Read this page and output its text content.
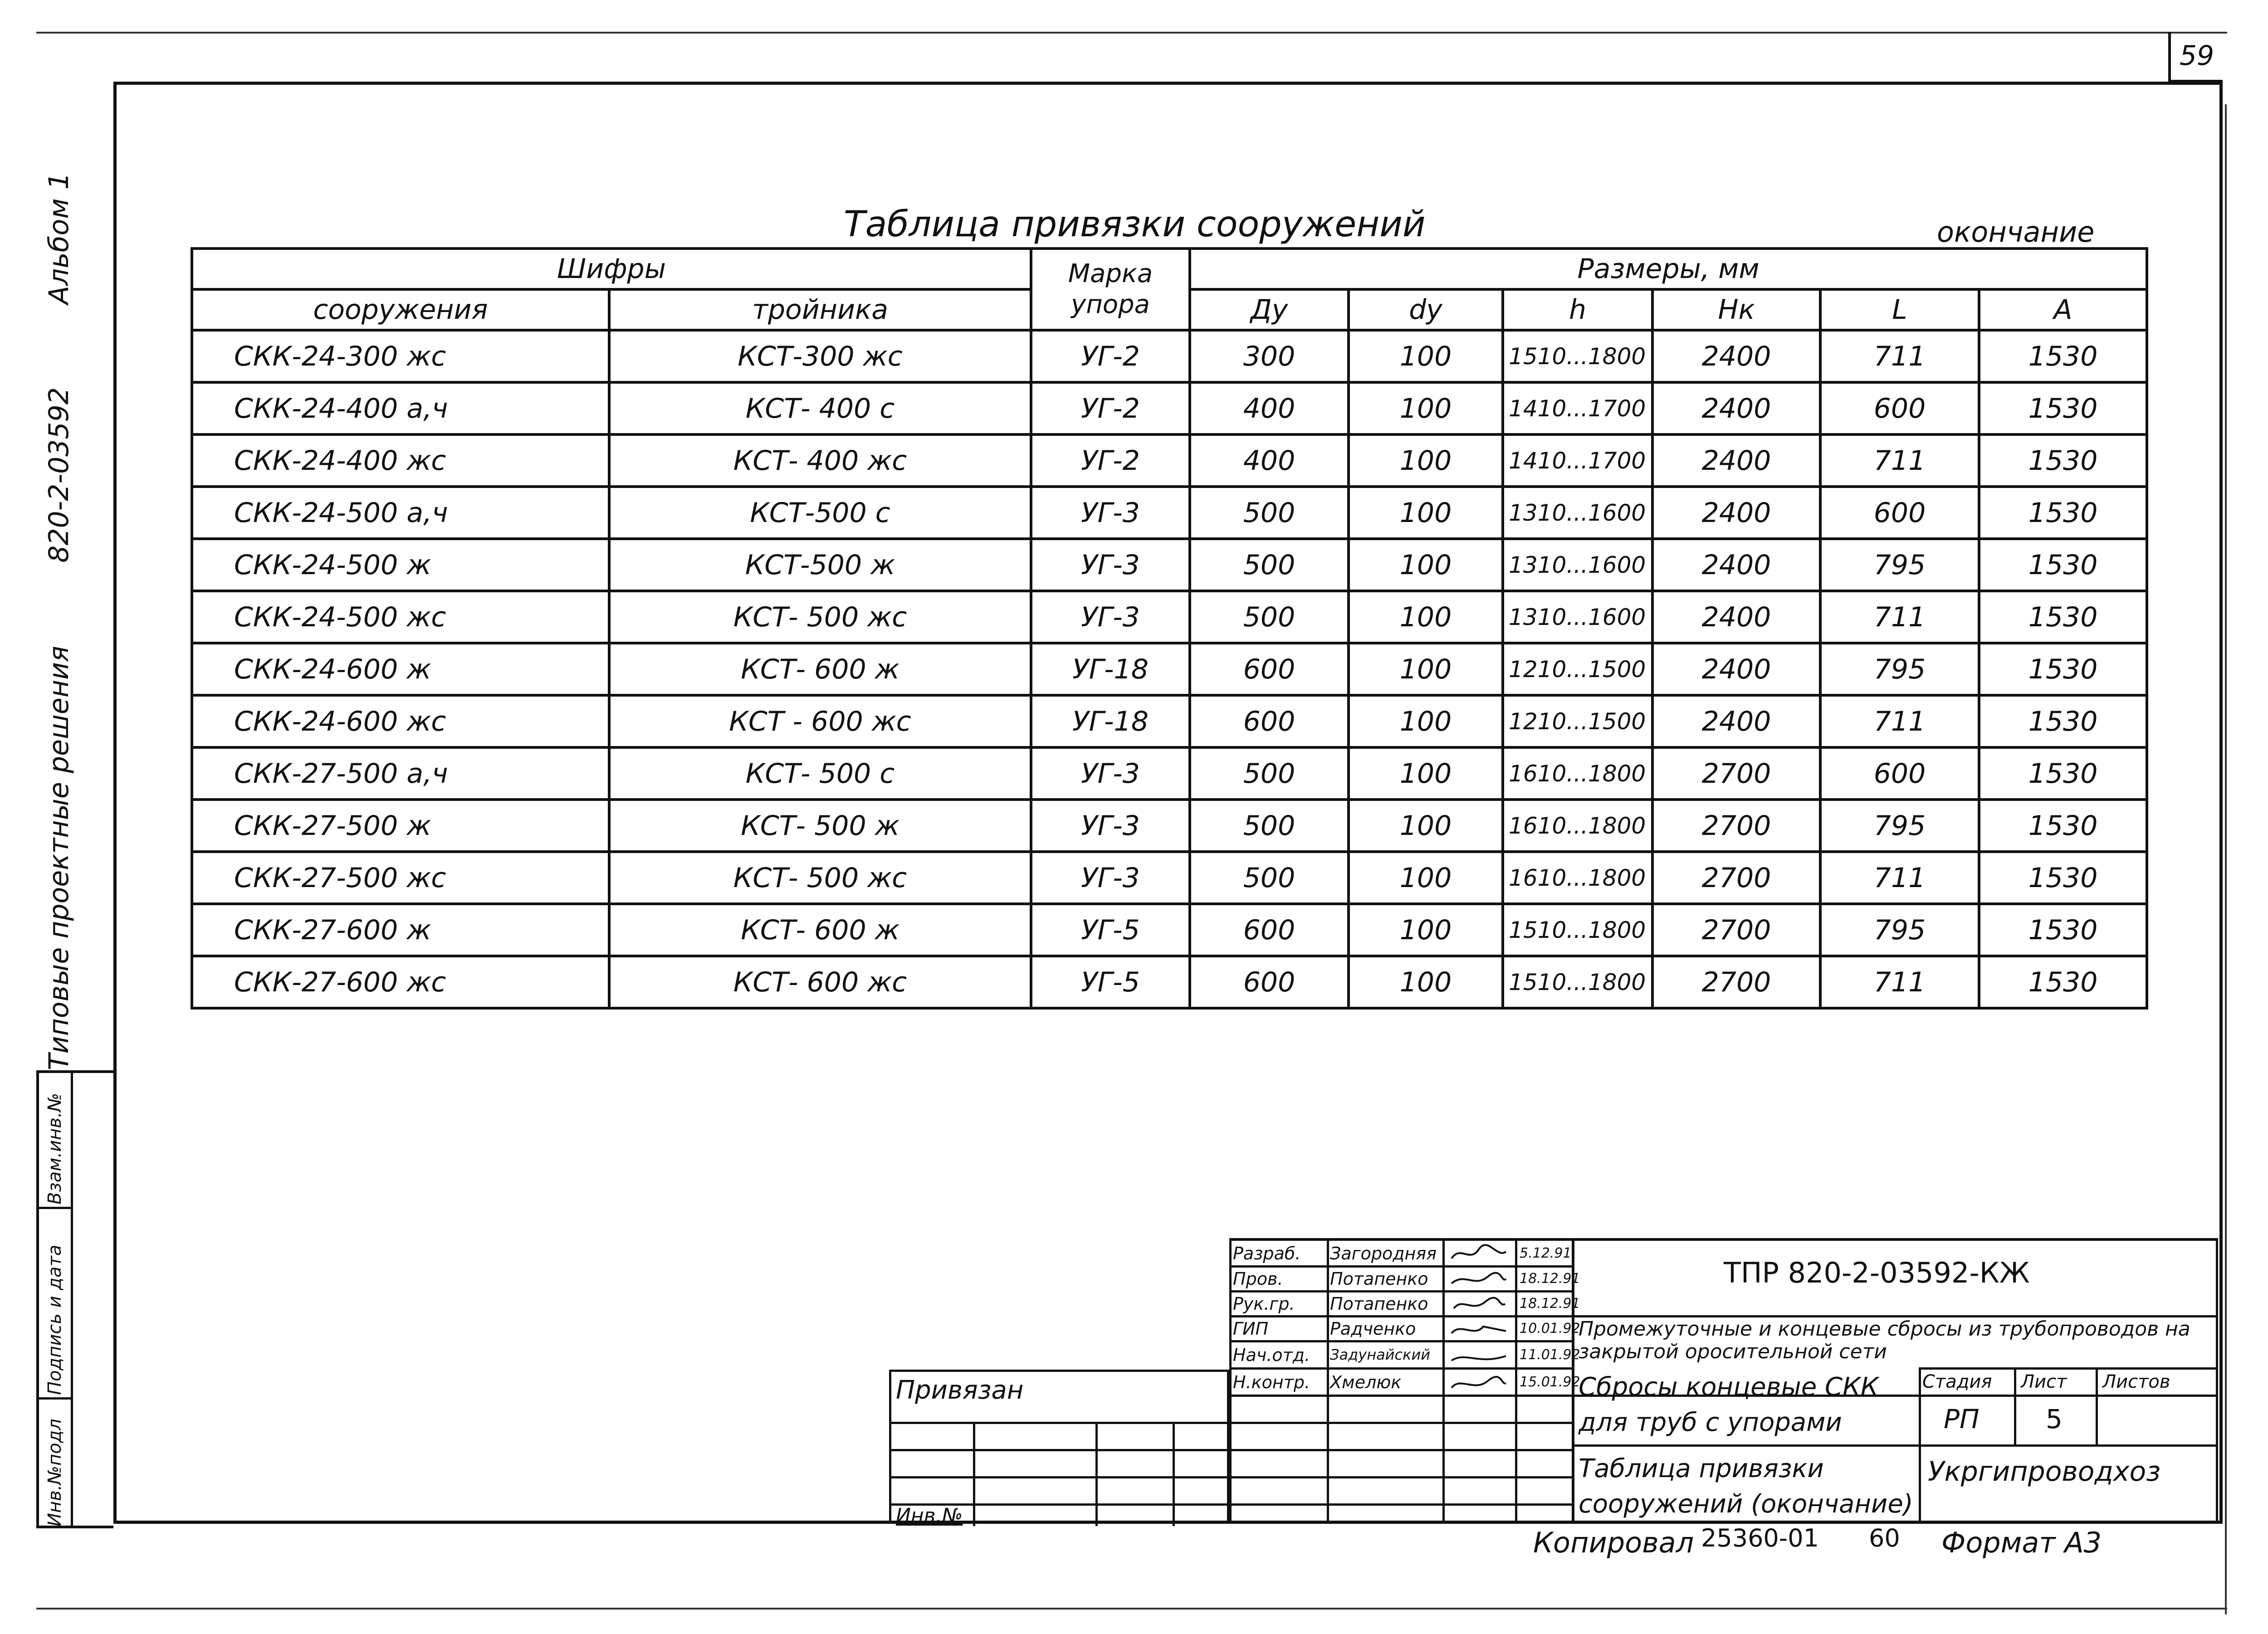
59
Типовые проектные решения
820-2-03592
Альбом 1
Взам.инв.№
Подпись и дата
Инв.№подл
Таблица привязки сооружений	окончание
Шифры		Марка упора	Размеры, мм					
сооружения	тройника		Ду	dy	h	Нк	L	А
СКК-24-300 жс	КСТ-300 жс	УГ-2	300	100	1510...1800	2400	711	1530
СКК-24-400 а,ч	КСТ- 400 с	УГ-2	400	100	1410...1700	2400	600	1530
СКК-24-400 жс	КСТ- 400 жс	УГ-2	400	100	1410...1700	2400	711	1530
СКК-24-500 а,ч	КСТ-500 с	УГ-3	500	100	1310...1600	2400	600	1530
СКК-24-500 ж	КСТ-500 ж	УГ-3	500	100	1310...1600	2400	795	1530
СКК-24-500 жс	КСТ- 500 жс	УГ-3	500	100	1310...1600	2400	711	1530
СКК-24-600 ж	КСТ- 600 ж	УГ-18	600	100	1210...1500	2400	795	1530
СКК-24-600 жс	КСТ - 600 жс	УГ-18	600	100	1210...1500	2400	711	1530
СКК-27-500 а,ч	КСТ- 500 с	УГ-3	500	100	1610...1800	2700	600	1530
СКК-27-500 ж	КСТ- 500 ж	УГ-3	500	100	1610...1800	2700	795	1530
СКК-27-500 жс	КСТ- 500 жс	УГ-3	500	100	1610...1800	2700	711	1530
СКК-27-600 ж	КСТ- 600 ж	УГ-5	600	100	1510...1800	2700	795	1530
СКК-27-600 жс	КСТ- 600 жс	УГ-5	600	100	1510...1800	2700	711	1530
Привязан
Инв.№
Разраб. Загородняя	5.12.91
Пров.	Потапенко	18.12.91
Рук.гр. Потапенко	18.12.91
ГИП	Радченко	10.01.92
Нач.отд. Задунайский	11.01.92
Н.контр. Хмелюк	15.01.92
ТПР 820-2-03592-КЖ
Промежуточные и концевые сбросы из трубопроводов на закрытой оросительной сети
Стадия Лист Листов
РП	5
Сбросы концевые СКК для труб с упорами
Таблица привязки сооружений (окончание)
Укргипроводхоз
Копировал 25360-01 60 Формат А3
